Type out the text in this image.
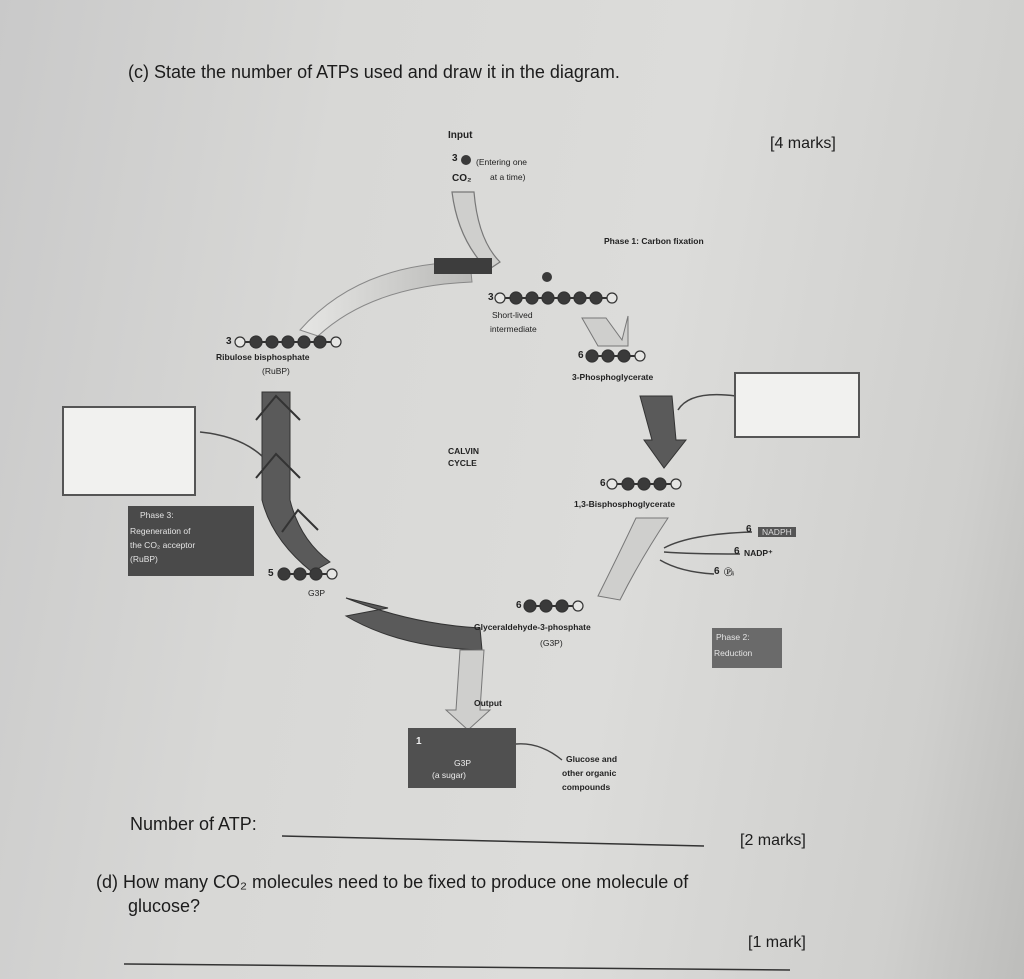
(c) State the number of ATPs used and draw it in the diagram.
[4 marks]
Input
3
CO₂
(Entering one
at a time)
Phase 1: Carbon fixation
3
Short-lived
intermediate
3
Ribulose bisphosphate
(RuBP)
6
3-Phosphoglycerate
CALVIN
CYCLE
6
1,3-Bisphosphoglycerate
6	NADPH
6 NADP⁺
6 Ⓟᵢ
Phase 3:
Regeneration of
the CO₂ acceptor
(RuBP)
5
G3P
6
Glyceraldehyde-3-phosphate
(G3P)
Phase 2:
Reduction
Output
1
G3P
(a sugar)
Glucose and
other organic
compounds
Number of ATP:
[2 marks]
(d) How many CO₂ molecules need to be fixed to produce one molecule of
glucose?
[1 mark]
